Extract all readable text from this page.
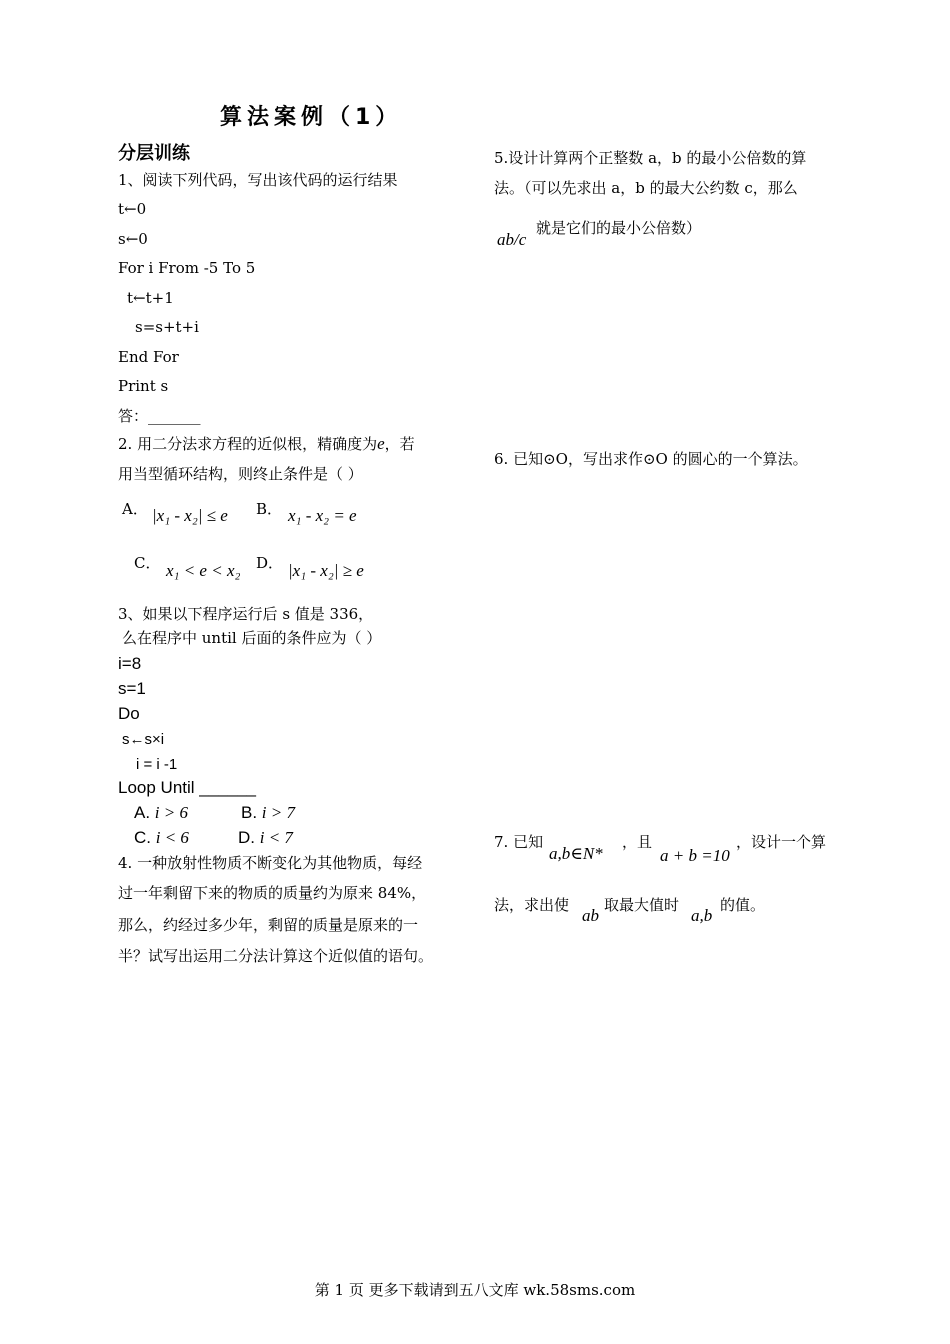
算法案例（1）
分层训练
1、阅读下列代码，写出该代码的运行结果
t←0
s←0
For i From -5 To 5
t←t+1
s=s+t+i
End For
Print s
答：_______
2. 用二分法求方程的近似根，精确度为e，若
用当型循环结构，则终止条件是（ ）
A． |x₁ - x₂| ≤ e B． x₁ - x₂ = e
C． x₁ < e < x₂ D． |x₁ - x₂| ≥ e
3、如果以下程序运行后 s 值是 336，
么在程序中 until 后面的条件应为（ ）
i=8
s=1
Do
s←s×i
i = i -1
Loop Until ______
A. i > 6	B. i > 7
C. i < 6	D. i < 7
4. 一种放射性物质不断变化为其他物质，每经
过一年剩留下来的物质的质量约为原来 84%，
那么，约经过多少年，剩留的质量是原来的一
半？试写出运用二分法计算这个近似值的语句。
5.设计计算两个正整数 a，b 的最小公倍数的算
法。（可以先求出 a，b 的最大公约数 c，那么
ab/c
就是它们的最小公倍数）
6. 已知⊙O，写出求作⊙O 的圆心的一个算法。
7. 已知
a,b∈N*
，且
a + b =10
，设计一个算
法，求出使
ab
取最大值时
a,b
的值。
第 1 页 更多下载请到五八文库 wk.58sms.com
